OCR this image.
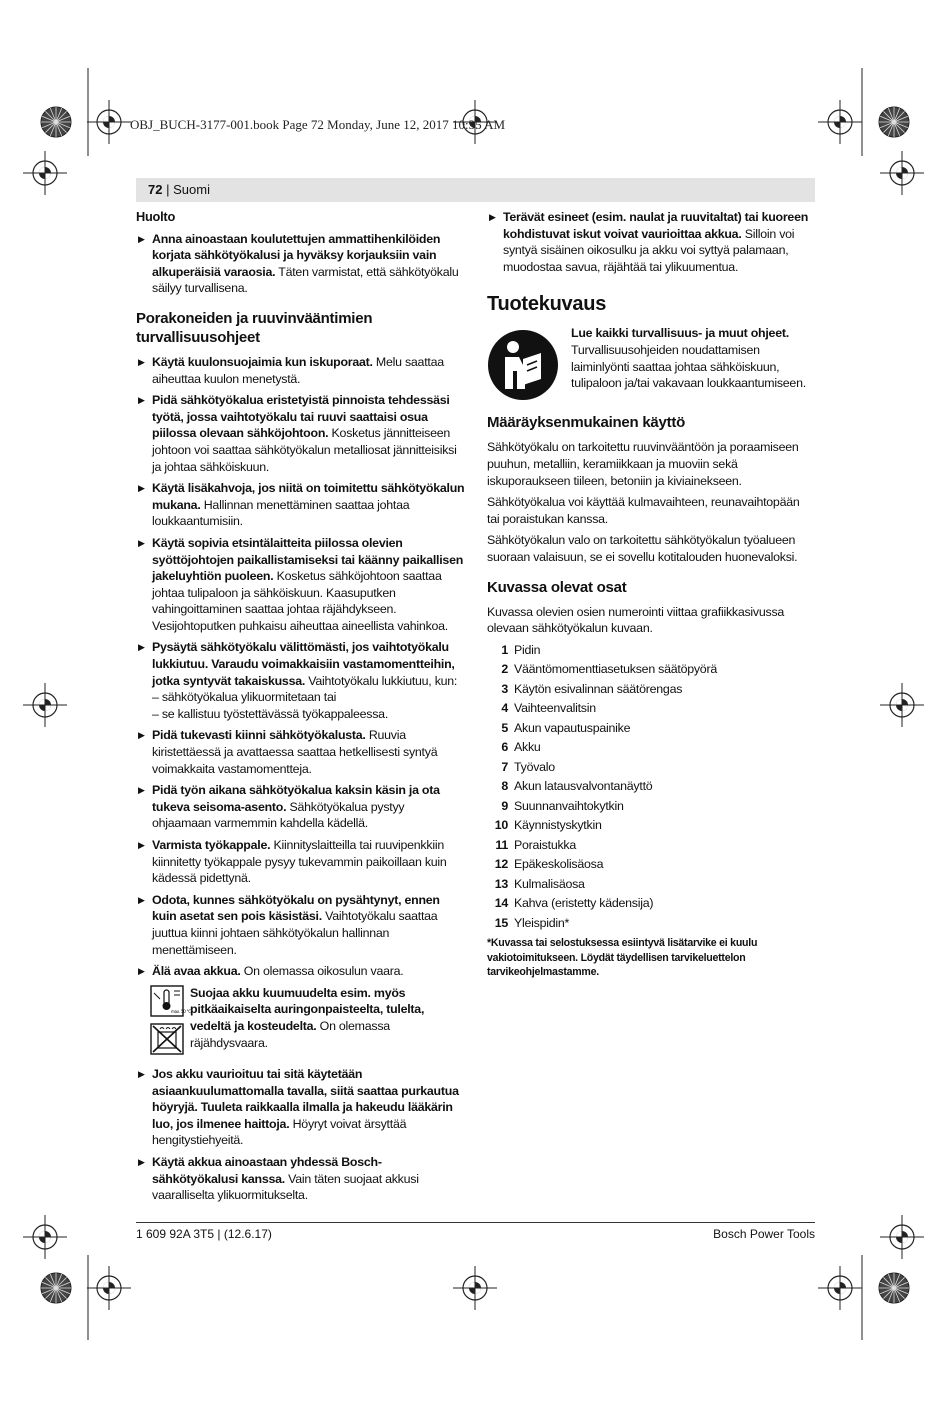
OBJ_BUCH-3177-001.book Page 72 Monday, June 12, 2017 10:35 AM
72 | Suomi
Huolto
▶ Anna ainoastaan koulutettujen ammattihenkilöiden korjata sähkötyökalusi ja hyväksy korjauksiin vain alkuperäisiä varaosia. Täten varmistat, että sähkötyökalu säilyy turvallisena.
Porakoneiden ja ruuvinvääntimien turvallisuusohjeet
▶ Käytä kuulonsuojaimia kun iskuporaat. Melu saattaa aiheuttaa kuulon menetystä.
▶ Pidä sähkötyökalua eristetyistä pinnoista tehdessäsi työtä, jossa vaihtotyökalu tai ruuvi saattaisi osua piilossa olevaan sähköjohtoon. Kosketus jännitteiseen johtoon voi saattaa sähkötyökalun metalliosat jännitteisiksi ja johtaa sähköiskuun.
▶ Käytä lisäkahvoja, jos niitä on toimitettu sähkötyökalun mukana. Hallinnan menettäminen saattaa johtaa loukkaantumisiin.
▶ Käytä sopivia etsintälaitteita piilossa olevien syöttöjohtojen paikallistamiseksi tai käänny paikallisen jakeluyhtiön puoleen. Kosketus sähköjohtoon saattaa johtaa tulipaloon ja sähköiskuun. Kaasuputken vahingoittaminen saattaa johtaa räjähdykseen. Vesijohtoputken puhkaisu aiheuttaa aineellista vahinkoa.
▶ Pysäytä sähkötyökalu välittömästi, jos vaihtotyökalu lukkiutuu. Varaudu voimakkaisiin vastamomentteihin, jotka syntyvät takaiskussa. Vaihtotyökalu lukkiutuu, kun:
– sähkötyökalua ylikuormitetaan tai
– se kallistuu työstettävässä työkappaleessa.
▶ Pidä tukevasti kiinni sähkötyökalusta. Ruuvia kiristettäessä ja avattaessa saattaa hetkellisesti syntyä voimakkaita vastamomentteja.
▶ Pidä työn aikana sähkötyökalua kaksin käsin ja ota tukeva seisoma-asento. Sähkötyökalua pystyy ohjaamaan varmemmin kahdella kädellä.
▶ Varmista työkappale. Kiinnityslaitteilla tai ruuvipenkkiin kiinnitetty työkappale pysyy tukevammin paikoillaan kuin kädessä pidettynä.
▶ Odota, kunnes sähkötyökalu on pysähtynyt, ennen kuin asetat sen pois käsistäsi. Vaihtotyökalu saattaa juuttua kiinni johtaen sähkötyökalun hallinnan menettämiseen.
▶ Älä avaa akkua. On olemassa oikosulun vaara.
max. 50 °C

Suojaa akku kuumuudelta esim. myös pitkäaikaiselta auringonpaisteelta, tulelta, vedeltä ja kosteudelta. On olemassa räjähdysvaara.
▶ Jos akku vaurioituu tai sitä käytetään asiaankuulumattomalla tavalla, siitä saattaa purkautua höyryjä. Tuuleta raikkaalla ilmalla ja hakeudu lääkärin luo, jos ilmenee haittoja. Höyryt voivat ärsyttää hengitystiehyeitä.
▶ Käytä akkua ainoastaan yhdessä Bosch-sähkötyökalusi kanssa. Vain täten suojaat akkusi vaaralliselta ylikuormitukselta.
▶ Terävät esineet (esim. naulat ja ruuvitaltat) tai kuoreen kohdistuvat iskut voivat vaurioittaa akkua. Silloin voi syntyä sisäinen oikosulku ja akku voi syttyä palamaan, muodostaa savua, räjähtää tai ylikuumentua.
Tuotekuvaus
Lue kaikki turvallisuus- ja muut ohjeet. Turvallisuusohjeiden noudattamisen laiminlyönti saattaa johtaa sähköiskuun, tulipaloon ja/tai vakavaan loukkaantumiseen.
Määräyksenmukainen käyttö

Sähkötyökalu on tarkoitettu ruuvinvääntöön ja poraamiseen puuhun, metalliin, keramiikkaan ja muoviin sekä iskuporaukseen tiileen, betoniin ja kiviainekseen.

Sähkötyökalua voi käyttää kulmavaihteen, reunavaihtopään tai poraistukan kanssa.

Sähkötyökalun valo on tarkoitettu sähkötyökalun työalueen suoraan valaisuun, se ei sovellu kotitalouden huonevaloksi.

Kuvassa olevat osat

Kuvassa olevien osien numerointi viittaa grafiikkasivussa olevaan sähkötyökalun kuvaan.

1 Pidin
2 Vääntömomenttiasetuksen säätöpyörä
3 Käytön esivalinnan säätörengas
4 Vaihteenvalitsin
5 Akun vapautuspainike
6 Akku
7 Työvalo
8 Akun latausvalvontanäyttö
9 Suunnanvaihtokytkin
10 Käynnistyskytkin
11 Poraistukka
12 Epäkeskolisäosa
13 Kulmalisäosa
14 Kahva (eristetty kädensija)
15 Yleispidin*
*Kuvassa tai selostuksessa esiintyvä lisätarvike ei kuulu vakiotoimitukseen. Löydät täydellisen tarvikeluettelon tarvikeohjelmastamme.
1 609 92A 3T5 | (12.6.17)	Bosch Power Tools
